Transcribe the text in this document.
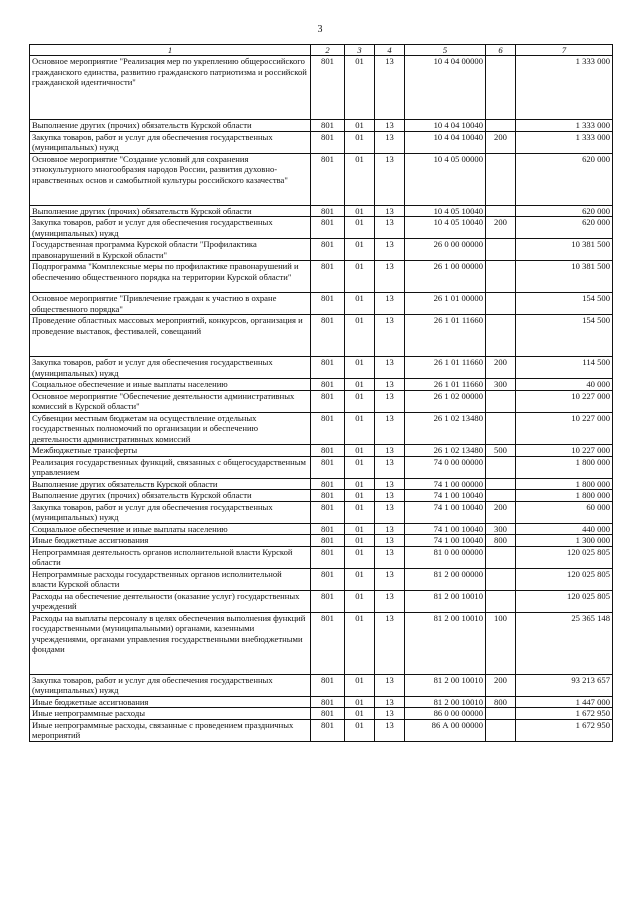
3
1	2	3	4	5	6	7
Основное мероприятие "Реализация мер по укреплению общероссийского гражданского единства, развитию гражданского патриотизма и российской гражданской идентичности"	801	01	13	10 4 04 00000		1 333 000
Выполнение других (прочих) обязательств Курской области	801	01	13	10 4 04 10040		1 333 000
Закупка товаров, работ и услуг для обеспечения государственных (муниципальных) нужд	801	01	13	10 4 04 10040	200	1 333 000
Основное мероприятие "Создание условий для сохранения этнокультурного многообразия народов России, развития духовно-нравственных основ и самобытной культуры российского казачества"	801	01	13	10 4 05 00000		620 000
Выполнение других (прочих) обязательств Курской области	801	01	13	10 4 05 10040		620 000
Закупка товаров, работ и услуг для обеспечения государственных (муниципальных) нужд	801	01	13	10 4 05 10040	200	620 000
Государственная программа Курской области "Профилактика правонарушений в Курской области"	801	01	13	26 0 00 00000		10 381 500
Подпрограмма "Комплексные меры по профилактике правонарушений и обеспечению общественного порядка на территории Курской области"	801	01	13	26 1 00 00000		10 381 500
Основное мероприятие "Привлечение граждан к участию в охране общественного порядка"	801	01	13	26 1 01 00000		154 500
Проведение областных массовых мероприятий, конкурсов, организация и проведение выставок, фестивалей, совещаний	801	01	13	26 1 01 11660		154 500
Закупка товаров, работ и услуг для обеспечения государственных (муниципальных) нужд	801	01	13	26 1 01 11660	200	114 500
Социальное обеспечение и иные выплаты населению	801	01	13	26 1 01 11660	300	40 000
Основное мероприятие "Обеспечение деятельности административных комиссий в Курской области"	801	01	13	26 1 02 00000		10 227 000
Субвенции местным бюджетам на осуществление отдельных государственных полномочий по организации и обеспечению деятельности административных комиссий	801	01	13	26 1 02 13480		10 227 000
Межбюджетные трансферты	801	01	13	26 1 02 13480	500	10 227 000
Реализация государственных функций, связанных с общегосударственным управлением	801	01	13	74 0 00 00000		1 800 000
Выполнение других обязательств Курской области	801	01	13	74 1 00 00000		1 800 000
Выполнение других (прочих) обязательств Курской области	801	01	13	74 1 00 10040		1 800 000
Закупка товаров, работ и услуг для обеспечения государственных (муниципальных) нужд	801	01	13	74 1 00 10040	200	60 000
Социальное обеспечение и иные выплаты населению	801	01	13	74 1 00 10040	300	440 000
Иные бюджетные ассигнования	801	01	13	74 1 00 10040	800	1 300 000
Непрограммная деятельность органов исполнительной власти Курской области	801	01	13	81 0 00 00000		120 025 805
Непрограммные расходы государственных органов исполнительной власти Курской области	801	01	13	81 2 00 00000		120 025 805
Расходы на обеспечение деятельности (оказание услуг) государственных учреждений	801	01	13	81 2 00 10010		120 025 805
Расходы на выплаты персоналу в целях обеспечения выполнения функций государственными (муниципальными) органами, казенными учреждениями, органами управления государственными внебюджетными фондами	801	01	13	81 2 00 10010	100	25 365 148
Закупка товаров, работ и услуг для обеспечения государственных (муниципальных) нужд	801	01	13	81 2 00 10010	200	93 213 657
Иные бюджетные ассигнования	801	01	13	81 2 00 10010	800	1 447 000
Иные непрограммные расходы	801	01	13	86 0 00 00000		1 672 950
Иные непрограммные расходы, связанные с проведением праздничных мероприятий	801	01	13	86 А 00 00000		1 672 950
